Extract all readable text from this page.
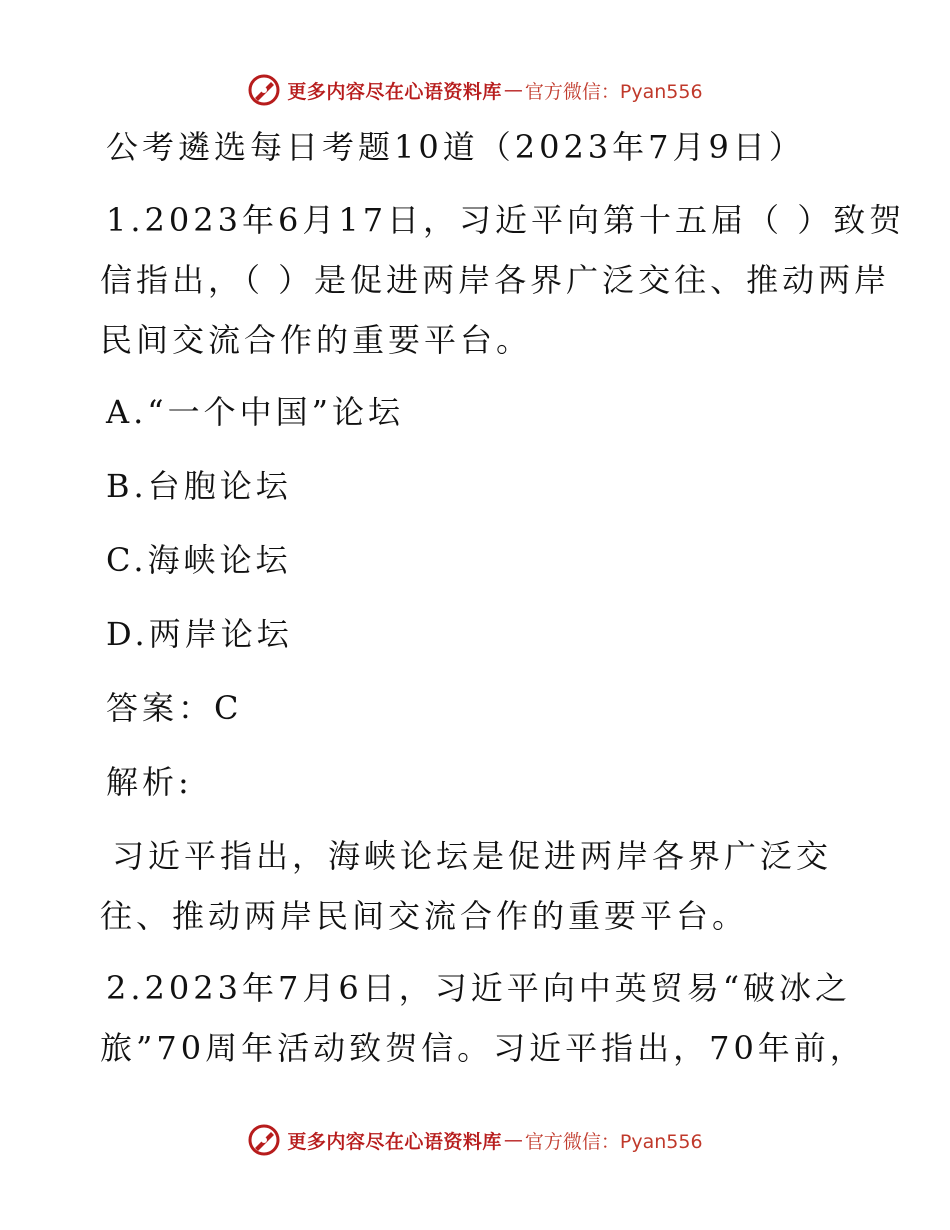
更多内容尽在心语资料库 — 官方微信：Pyan556
公考遴选每日考题10道（2023年7月9日）
1.2023年6月17日，习近平向第十五届（ ）致贺
信指出，（ ）是促进两岸各界广泛交往、推动两岸
民间交流合作的重要平台。
A.“一个中国”论坛
B.台胞论坛
C.海峡论坛
D.两岸论坛
答案：C
解析:
习近平指出，海峡论坛是促进两岸各界广泛交
往、推动两岸民间交流合作的重要平台。
2.2023年7月6日，习近平向中英贸易“破冰之
旅”70周年活动致贺信。习近平指出，70年前，
更多内容尽在心语资料库 — 官方微信：Pyan556
